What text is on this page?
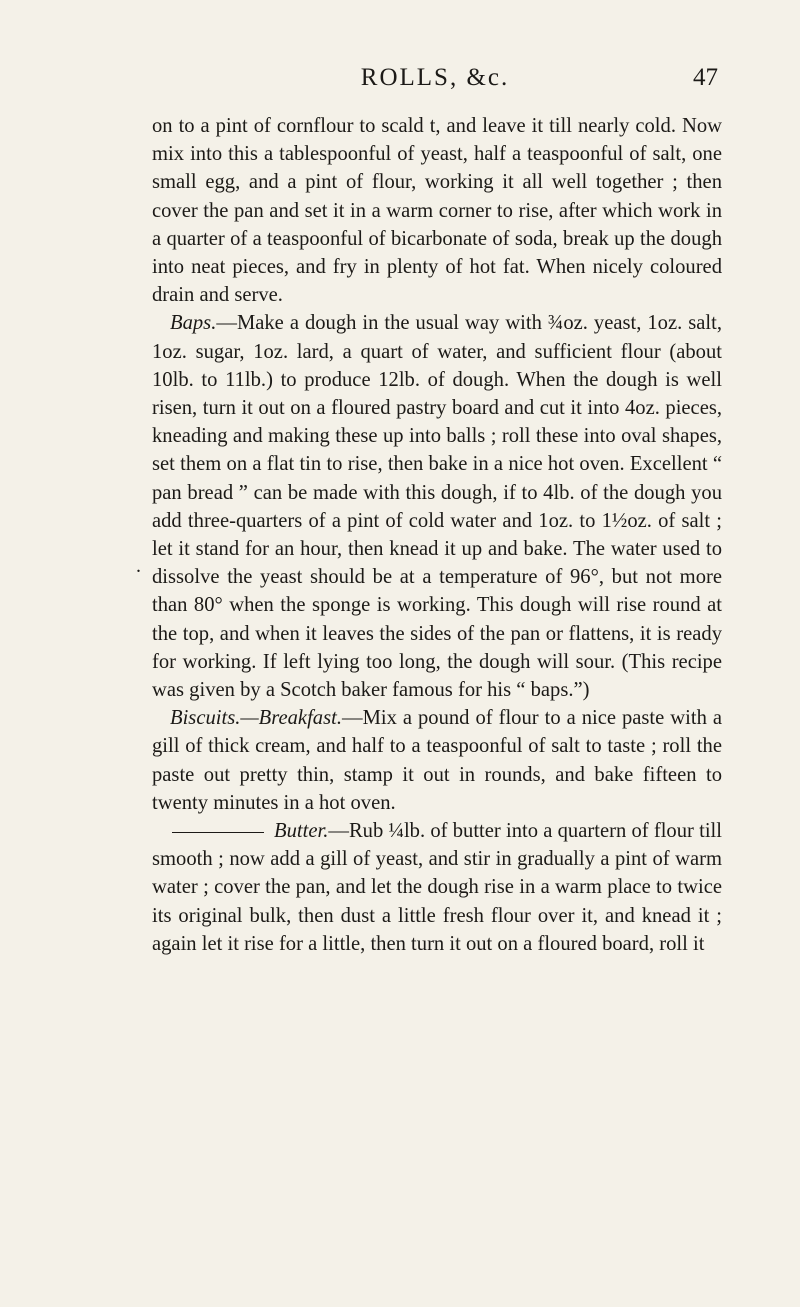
ROLLS, &c.	47
.

on to a pint of cornflour to scald t, and leave it till nearly cold. Now mix into this a tablespoonful of yeast, half a teaspoonful of salt, one small egg, and a pint of flour, working it all well together ; then cover the pan and set it in a warm corner to rise, after which work in a quarter of a teaspoonful of bicarbonate of soda, break up the dough into neat pieces, and fry in plenty of hot fat. When nicely coloured drain and serve.

Baps.—Make a dough in the usual way with ¾oz. yeast, 1oz. salt, 1oz. sugar, 1oz. lard, a quart of water, and sufficient flour (about 10lb. to 11lb.) to produce 12lb. of dough. When the dough is well risen, turn it out on a floured pastry board and cut it into 4oz. pieces, kneading and making these up into balls ; roll these into oval shapes, set them on a flat tin to rise, then bake in a nice hot oven. Excellent “ pan bread ” can be made with this dough, if to 4lb. of the dough you add three-quarters of a pint of cold water and 1oz. to 1½oz. of salt ; let it stand for an hour, then knead it up and bake. The water used to dissolve the yeast should be at a temperature of 96°, but not more than 80° when the sponge is working. This dough will rise round at the top, and when it leaves the sides of the pan or flattens, it is ready for working. If left lying too long, the dough will sour. (This recipe was given by a Scotch baker famous for his “ baps.”)

Biscuits.—Breakfast.—Mix a pound of flour to a nice paste with a gill of thick cream, and half to a teaspoonful of salt to taste ; roll the paste out pretty thin, stamp it out in rounds, and bake fifteen to twenty minutes in a hot oven.

Butter.—Rub ¼lb. of butter into a quartern of flour till smooth ; now add a gill of yeast, and stir in gradually a pint of warm water ; cover the pan, and let the dough rise in a warm place to twice its original bulk, then dust a little fresh flour over it, and knead it ; again let it rise for a little, then turn it out on a floured board, roll it
